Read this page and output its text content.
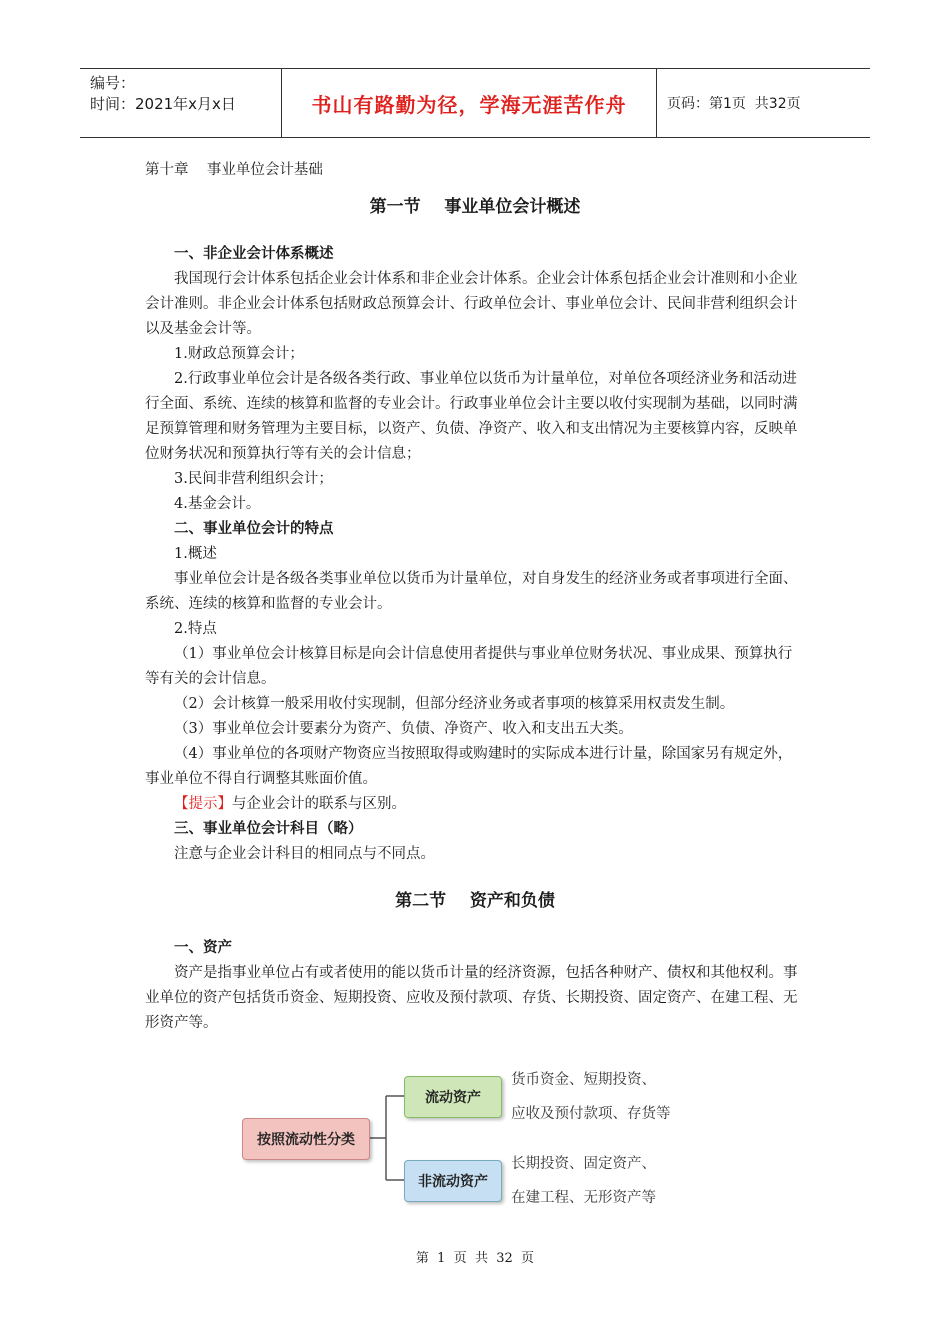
编号：
时间：2021年x月x日	书山有路勤为径，学海无涯苦作舟	页码：第1页  共32页

第十章    事业单位会计基础

第一节    事业单位会计概述

一、非企业会计体系概述

我国现行会计体系包括企业会计体系和非企业会计体系。企业会计体系包括企业会计准则和小企业会计准则。非企业会计体系包括财政总预算会计、行政单位会计、事业单位会计、民间非营利组织会计以及基金会计等。

1.财政总预算会计；

2.行政事业单位会计是各级各类行政、事业单位以货币为计量单位，对单位各项经济业务和活动进行全面、系统、连续的核算和监督的专业会计。行政事业单位会计主要以收付实现制为基础，以同时满足预算管理和财务管理为主要目标，以资产、负债、净资产、收入和支出情况为主要核算内容，反映单位财务状况和预算执行等有关的会计信息；

3.民间非营利组织会计；

4.基金会计。

二、事业单位会计的特点

1.概述

事业单位会计是各级各类事业单位以货币为计量单位，对自身发生的经济业务或者事项进行全面、系统、连续的核算和监督的专业会计。

2.特点

（1）事业单位会计核算目标是向会计信息使用者提供与事业单位财务状况、事业成果、预算执行等有关的会计信息。

（2）会计核算一般采用收付实现制，但部分经济业务或者事项的核算采用权责发生制。

（3）事业单位会计要素分为资产、负债、净资产、收入和支出五大类。

（4）事业单位的各项财产物资应当按照取得或购建时的实际成本进行计量，除国家另有规定外，事业单位不得自行调整其账面价值。

【提示】与企业会计的联系与区别。

三、事业单位会计科目（略）

注意与企业会计科目的相同点与不同点。

第二节    资产和负债

一、资产

资产是指事业单位占有或者使用的能以货币计量的经济资源，包括各种财产、债权和其他权利。事业单位的资产包括货币资金、短期投资、应收及预付款项、存货、长期投资、固定资产、在建工程、无形资产等。

按照流动性分类
流动资产
非流动资产
货币资金、短期投资、
应收及预付款项、存货等
长期投资、固定资产、
在建工程、无形资产等
第  1  页  共  32  页
